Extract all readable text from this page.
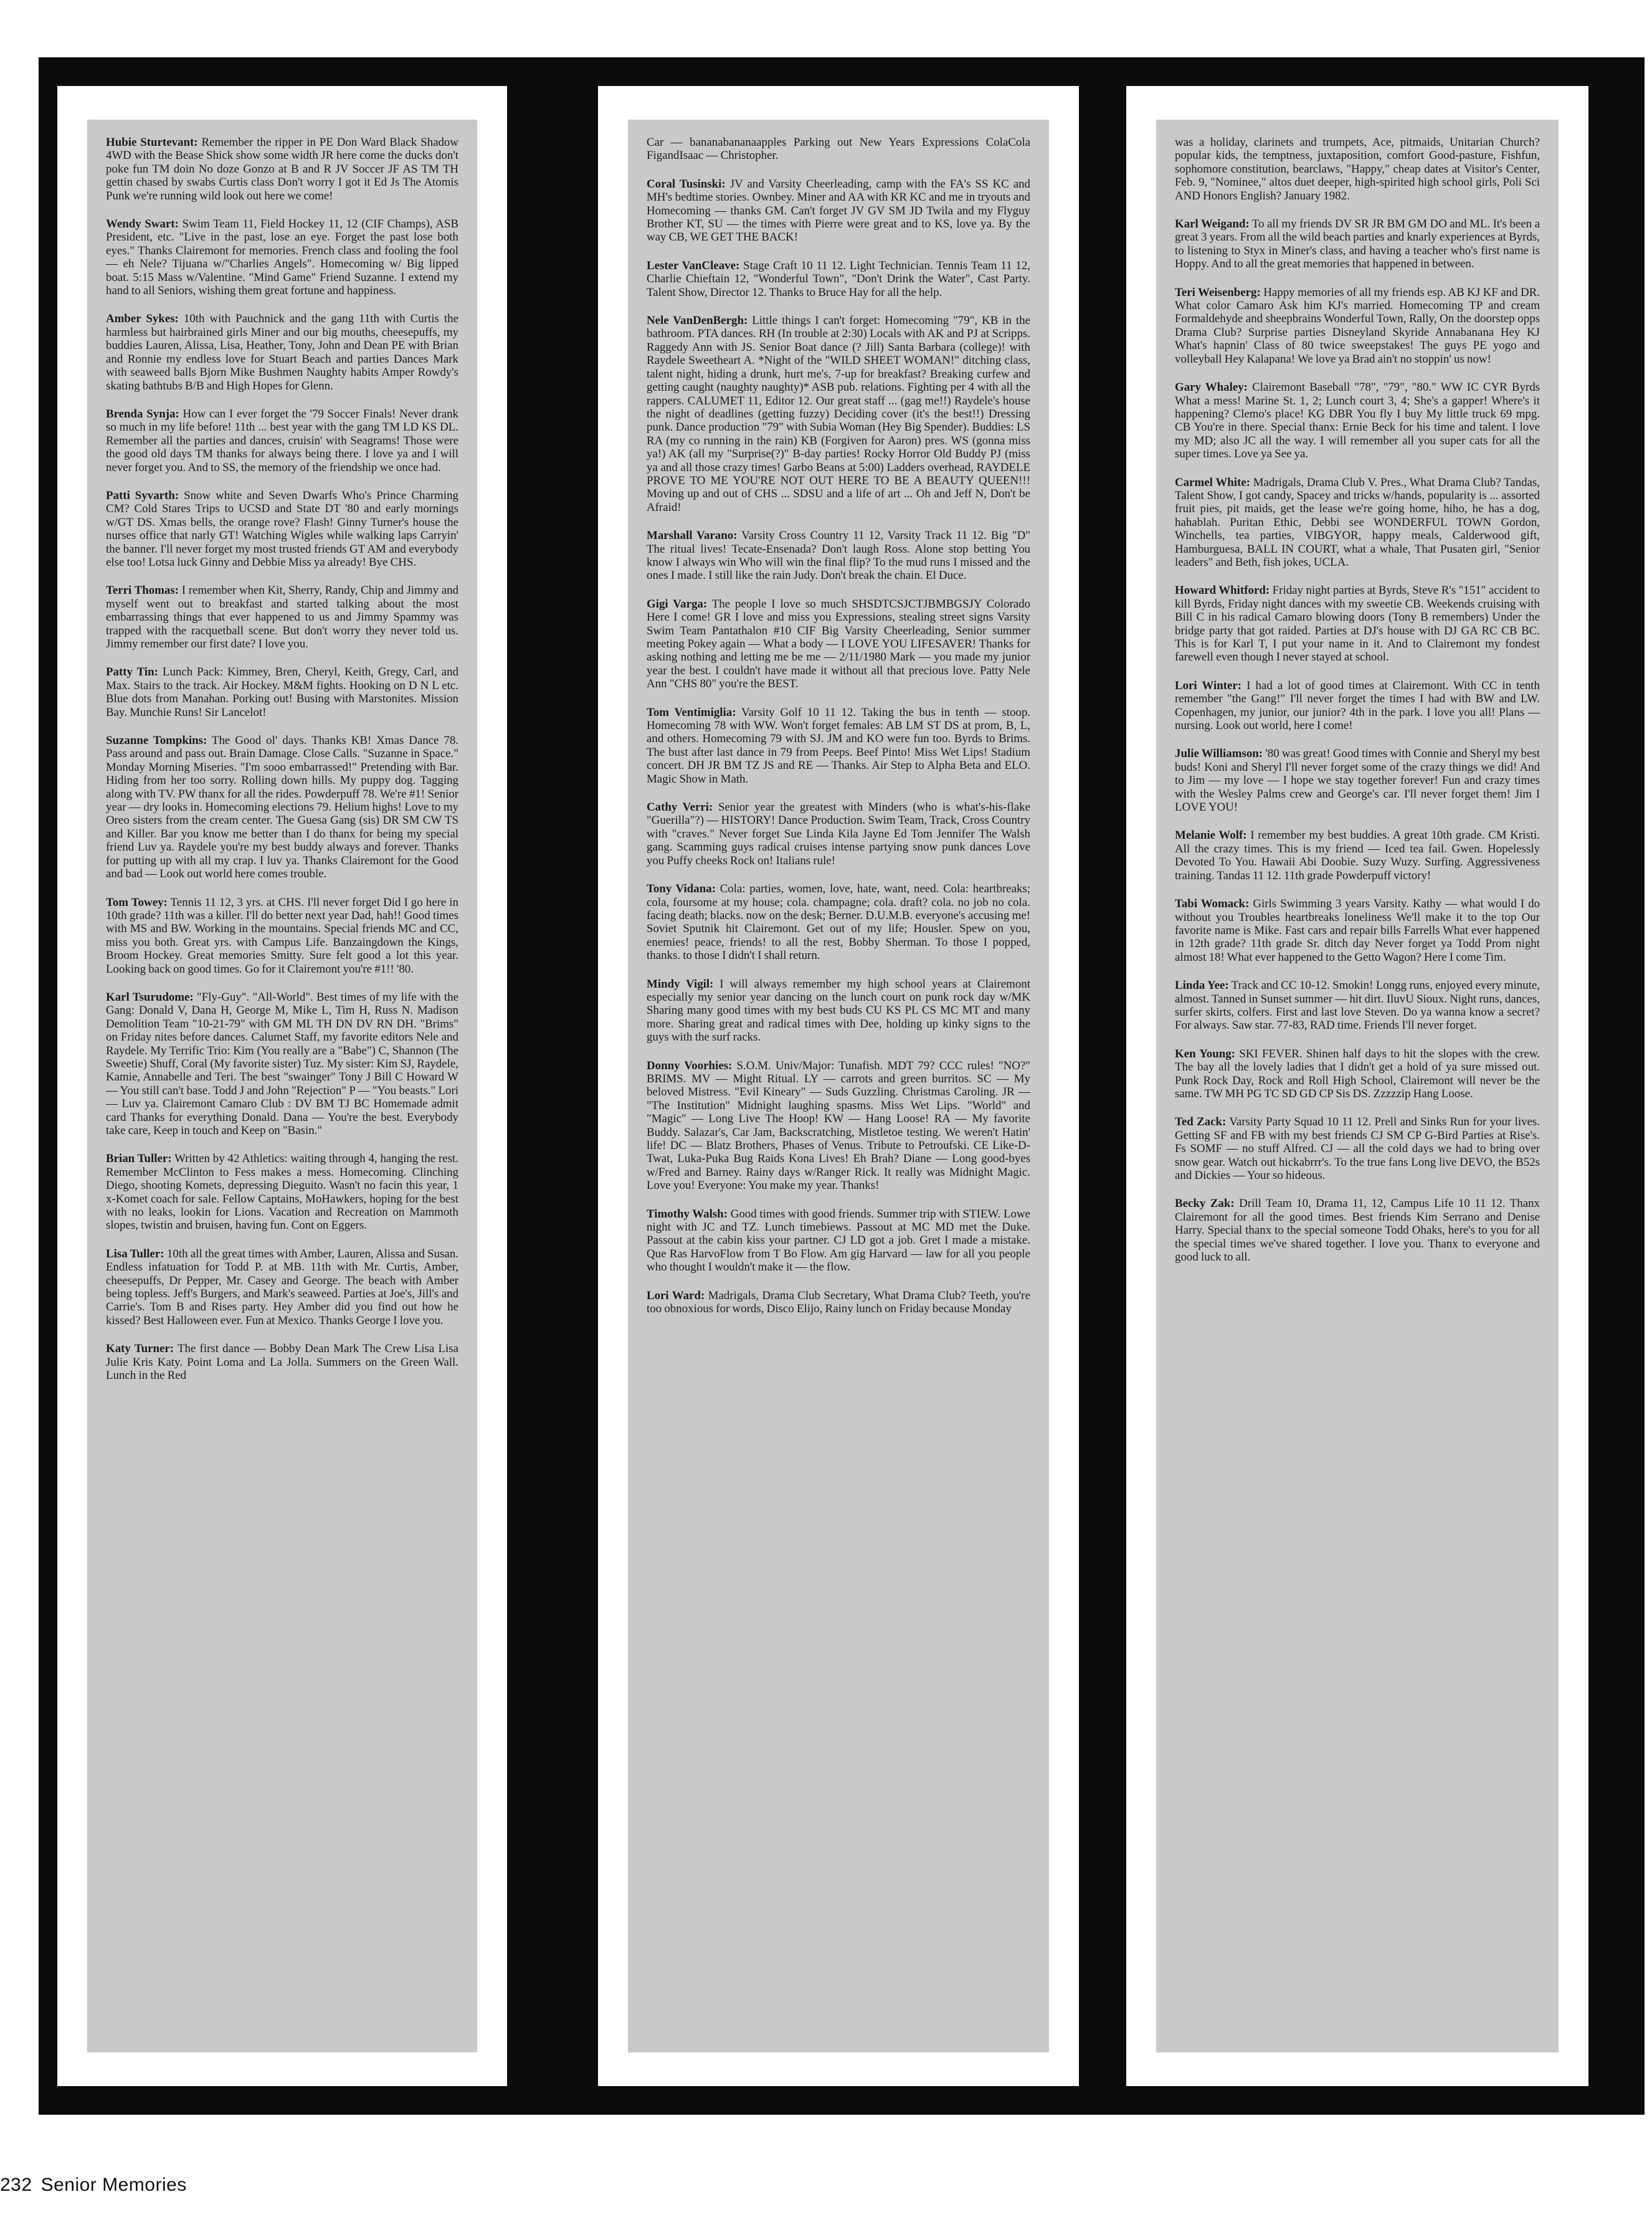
Hubie Sturtevant: Remember the ripper in PE Don Ward Black Shadow 4WD with the Bease Shick show some width JR here come the ducks don't poke fun TM doin No doze Gonzo at B and R JV Soccer JF AS TM TH gettin chased by swabs Curtis class Don't worry I got it Ed Js The Atomis Punk we're running wild look out here we come!

Wendy Swart: Swim Team 11, Field Hockey 11, 12 (CIF Champs), ASB President, etc. "Live in the past, lose an eye. Forget the past lose both eyes." Thanks Clairemont for memories. French class and fooling the fool — eh Nele? Tijuana w/"Charlies Angels". Homecoming w/ Big lipped boat. 5:15 Mass w/Valentine. "Mind Game" Friend Suzanne. I extend my hand to all Seniors, wishing them great fortune and happiness.

Amber Sykes: 10th with Pauchnick and the gang 11th with Curtis the harmless but hairbrained girls Miner and our big mouths, cheesepuffs, my buddies Lauren, Alissa, Lisa, Heather, Tony, John and Dean PE with Brian and Ronnie my endless love for Stuart Beach and parties Dances Mark with seaweed balls Bjorn Mike Bushmen Naughty habits Amper Rowdy's skating bathtubs B/B and High Hopes for Glenn.

Brenda Synja: How can I ever forget the '79 Soccer Finals! Never drank so much in my life before! 11th ... best year with the gang TM LD KS DL. Remember all the parties and dances, cruisin' with Seagrams! Those were the good old days TM thanks for always being there. I love ya and I will never forget you. And to SS, the memory of the friendship we once had.

Patti Syvarth: Snow white and Seven Dwarfs Who's Prince Charming CM? Cold Stares Trips to UCSD and State DT '80 and early mornings w/GT DS. Xmas bells, the orange rove? Flash! Ginny Turner's house the nurses office that narly GT! Watching Wigles while walking laps Carryin' the banner. I'll never forget my most trusted friends GT AM and everybody else too! Lotsa luck Ginny and Debbie Miss ya already! Bye CHS.

Terri Thomas: I remember when Kit, Sherry, Randy, Chip and Jimmy and myself went out to breakfast and started talking about the most embarrassing things that ever happened to us and Jimmy Spammy was trapped with the racquetball scene. But don't worry they never told us. Jimmy remember our first date? I love you.

Patty Tin: Lunch Pack: Kimmey, Bren, Cheryl, Keith, Gregy, Carl, and Max. Stairs to the track. Air Hockey. M&M fights. Hooking on D N L etc. Blue dots from Manahan. Porking out! Busing with Marstonites. Mission Bay. Munchie Runs! Sir Lancelot!

Suzanne Tompkins: The Good ol' days. Thanks KB! Xmas Dance 78. Pass around and pass out. Brain Damage. Close Calls. "Suzanne in Space." Monday Morning Miseries. "I'm sooo embarrassed!" Pretending with Bar. Hiding from her too sorry. Rolling down hills. My puppy dog. Tagging along with TV. PW thanx for all the rides. Powderpuff 78. We're #1! Senior year — dry looks in. Homecoming elections 79. Helium highs! Love to my Oreo sisters from the cream center. The Guesa Gang (sis) DR SM CW TS and Killer. Bar you know me better than I do thanx for being my special friend Luv ya. Raydele you're my best buddy always and forever. Thanks for putting up with all my crap. I luv ya. Thanks Clairemont for the Good and bad — Look out world here comes trouble.

Tom Towey: Tennis 11 12, 3 yrs. at CHS. I'll never forget Did I go here in 10th grade? 11th was a killer. I'll do better next year Dad, hah!! Good times with MS and BW. Working in the mountains. Special friends MC and CC, miss you both. Great yrs. with Campus Life. Banzaingdown the Kings, Broom Hockey. Great memories Smitty. Sure felt good a lot this year. Looking back on good times. Go for it Clairemont you're #1!! '80.

Karl Tsurudome: "Fly-Guy". "All-World". Best times of my life with the Gang: Donald V, Dana H, George M, Mike L, Tim H, Russ N. Madison Demolition Team "10-21-79" with GM ML TH DN DV RN DH. "Brims" on Friday nites before dances. Calumet Staff, my favorite editors Nele and Raydele. My Terrific Trio: Kim (You really are a "Babe") C, Shannon (The Sweetie) Shuff, Coral (My favorite sister) Tuz. My sister: Kim SJ, Raydele, Kamie, Annabelle and Teri. The best "swainger" Tony J Bill C Howard W — You still can't base. Todd J and John "Rejection" P — "You beasts." Lori — Luv ya. Clairemont Camaro Club : DV BM TJ BC Homemade admit card Thanks for everything Donald. Dana — You're the best. Everybody take care, Keep in touch and Keep on "Basin."

Brian Tuller: Written by 42 Athletics: waiting through 4, hanging the rest. Remember McClinton to Fess makes a mess. Homecoming. Clinching Diego, shooting Komets, depressing Dieguito. Wasn't no facin this year, 1 x-Komet coach for sale. Fellow Captains, MoHawkers, hoping for the best with no leaks, lookin for Lions. Vacation and Recreation on Mammoth slopes, twistin and bruisen, having fun. Cont on Eggers.

Lisa Tuller: 10th all the great times with Amber, Lauren, Alissa and Susan. Endless infatuation for Todd P. at MB. 11th with Mr. Curtis, Amber, cheesepuffs, Dr Pepper, Mr. Casey and George. The beach with Amber being topless. Jeff's Burgers, and Mark's seaweed. Parties at Joe's, Jill's and Carrie's. Tom B and Rises party. Hey Amber did you find out how he kissed? Best Halloween ever. Fun at Mexico. Thanks George I love you.

Katy Turner: The first dance — Bobby Dean Mark The Crew Lisa Lisa Julie Kris Katy. Point Loma and La Jolla. Summers on the Green Wall. Lunch in the Red

Car — bananabananaapples Parking out New Years Expressions ColaCola FigandIsaac — Christopher.

Coral Tusinski: JV and Varsity Cheerleading, camp with the FA's SS KC and MH's bedtime stories. Ownbey. Miner and AA with KR KC and me in tryouts and Homecoming — thanks GM. Can't forget JV GV SM JD Twila and my Flyguy Brother KT, SU — the times with Pierre were great and to KS, love ya. By the way CB, WE GET THE BACK!

Lester VanCleave: Stage Craft 10 11 12. Light Technician. Tennis Team 11 12, Charlie Chieftain 12, "Wonderful Town", "Don't Drink the Water", Cast Party. Talent Show, Director 12. Thanks to Bruce Hay for all the help.

Nele VanDenBergh: Little things I can't forget: Homecoming "79", KB in the bathroom. PTA dances. RH (In trouble at 2:30) Locals with AK and PJ at Scripps. Raggedy Ann with JS. Senior Boat dance (? Jill) Santa Barbara (college)! with Raydele Sweetheart A. *Night of the "WILD SHEET WOMAN!" ditching class, talent night, hiding a drunk, hurt me's, 7-up for breakfast? Breaking curfew and getting caught (naughty naughty)* ASB pub. relations. Fighting per 4 with all the rappers. CALUMET 11, Editor 12. Our great staff ... (gag me!!) Raydele's house the night of deadlines (getting fuzzy) Deciding cover (it's the best!!) Dressing punk. Dance production "79" with Subia Woman (Hey Big Spender). Buddies: LS RA (my co running in the rain) KB (Forgiven for Aaron) pres. WS (gonna miss ya!) AK (all my "Surprise(?)" B-day parties! Rocky Horror Old Buddy PJ (miss ya and all those crazy times! Garbo Beans at 5:00) Ladders overhead, RAYDELE PROVE TO ME YOU'RE NOT OUT HERE TO BE A BEAUTY QUEEN!!! Moving up and out of CHS ... SDSU and a life of art ... Oh and Jeff N, Don't be Afraid!

Marshall Varano: Varsity Cross Country 11 12, Varsity Track 11 12. Big "D" The ritual lives! Tecate-Ensenada? Don't laugh Ross. Alone stop betting You know I always win Who will win the final flip? To the mud runs I missed and the ones I made. I still like the rain Judy. Don't break the chain. El Duce.

Gigi Varga: The people I love so much SHSDTCSJCTJBMBGSJY Colorado Here I come! GR I love and miss you Expressions, stealing street signs Varsity Swim Team Pantathalon #10 CIF Big Varsity Cheerleading, Senior summer meeting Pokey again — What a body — I LOVE YOU LIFESAVER! Thanks for asking nothing and letting me be me — 2/11/1980 Mark — you made my junior year the best. I couldn't have made it without all that precious love. Patty Nele Ann "CHS 80" you're the BEST.

Tom Ventimiglia: Varsity Golf 10 11 12. Taking the bus in tenth — stoop. Homecoming 78 with WW. Won't forget females: AB LM ST DS at prom, B, L, and others. Homecoming 79 with SJ. JM and KO were fun too. Byrds to Brims. The bust after last dance in 79 from Peeps. Beef Pinto! Miss Wet Lips! Stadium concert. DH JR BM TZ JS and RE — Thanks. Air Step to Alpha Beta and ELO. Magic Show in Math.

Cathy Verri: Senior year the greatest with Minders (who is what's-his-flake "Guerilla"?) — HISTORY! Dance Production. Swim Team, Track, Cross Country with "craves." Never forget Sue Linda Kila Jayne Ed Tom Jennifer The Walsh gang. Scamming guys radical cruises intense partying snow punk dances Love you Puffy cheeks Rock on! Italians rule!

Tony Vidana: Cola: parties, women, love, hate, want, need. Cola: heartbreaks; cola, foursome at my house; cola. champagne; cola. draft? cola. no job no cola. facing death; blacks. now on the desk; Berner. D.U.M.B. everyone's accusing me! Soviet Sputnik hit Clairemont. Get out of my life; Housler. Spew on you, enemies! peace, friends! to all the rest, Bobby Sherman. To those I popped, thanks. to those I didn't I shall return.

Mindy Vigil: I will always remember my high school years at Clairemont especially my senior year dancing on the lunch court on punk rock day w/MK Sharing many good times with my best buds CU KS PL CS MC MT and many more. Sharing great and radical times with Dee, holding up kinky signs to the guys with the surf racks.

Donny Voorhies: S.O.M. Univ/Major: Tunafish. MDT 79? CCC rules! "NO?" BRIMS. MV — Might Ritual. LY — carrots and green burritos. SC — My beloved Mistress. "Evil Kineary" — Suds Guzzling. Christmas Caroling. JR — "The Institution" Midnight laughing spasms. Miss Wet Lips. "World" and "Magic" — Long Live The Hoop! KW — Hang Loose! RA — My favorite Buddy. Salazar's, Car Jam, Backscratching, Mistletoe testing. We weren't Hatin' life! DC — Blatz Brothers, Phases of Venus. Tribute to Petroufski. CE Like-D-Twat, Luka-Puka Bug Raids Kona Lives! Eh Brah? Diane — Long good-byes w/Fred and Barney. Rainy days w/Ranger Rick. It really was Midnight Magic. Love you! Everyone: You make my year. Thanks!

Timothy Walsh: Good times with good friends. Summer trip with STIEW. Lowe night with JC and TZ. Lunch timebiews. Passout at MC MD met the Duke. Passout at the cabin kiss your partner. CJ LD got a job. Gret I made a mistake. Que Ras HarvoFlow from T Bo Flow. Am gig Harvard — law for all you people who thought I wouldn't make it — the flow.

Lori Ward: Madrigals, Drama Club Secretary, What Drama Club? Teeth, you're too obnoxious for words, Disco Elijo, Rainy lunch on Friday because Monday

was a holiday, clarinets and trumpets, Ace, pitmaids, Unitarian Church? popular kids, the temptness, juxtaposition, comfort Good-pasture, Fishfun, sophomore constitution, bearclaws, "Happy," cheap dates at Visitor's Center, Feb. 9, "Nominee," altos duet deeper, high-spirited high school girls, Poli Sci AND Honors English? January 1982.

Karl Weigand: To all my friends DV SR JR BM GM DO and ML. It's been a great 3 years. From all the wild beach parties and knarly experiences at Byrds, to listening to Styx in Miner's class, and having a teacher who's first name is Hoppy. And to all the great memories that happened in between.

Teri Weisenberg: Happy memories of all my friends esp. AB KJ KF and DR. What color Camaro Ask him KJ's married. Homecoming TP and cream Formaldehyde and sheepbrains Wonderful Town, Rally, On the doorstep opps Drama Club? Surprise parties Disneyland Skyride Annabanana Hey KJ What's hapnin' Class of 80 twice sweepstakes! The guys PE yogo and volleyball Hey Kalapana! We love ya Brad ain't no stoppin' us now!

Gary Whaley: Clairemont Baseball "78", "79", "80." WW IC CYR Byrds What a mess! Marine St. 1, 2; Lunch court 3, 4; She's a gapper! Where's it happening? Clemo's place! KG DBR You fly I buy My little truck 69 mpg. CB You're in there. Special thanx: Ernie Beck for his time and talent. I love my MD; also JC all the way. I will remember all you super cats for all the super times. Love ya See ya.

Carmel White: Madrigals, Drama Club V. Pres., What Drama Club? Tandas, Talent Show, I got candy, Spacey and tricks w/hands, popularity is ... assorted fruit pies, pit maids, get the lease we're going home, hiho, he has a dog, hahablah. Puritan Ethic, Debbi see WONDERFUL TOWN Gordon, Winchells, tea parties, VIBGYOR, happy meals, Calderwood gift, Hamburguesa, BALL IN COURT, what a whale, That Pusaten girl, "Senior leaders" and Beth, fish jokes, UCLA.

Howard Whitford: Friday night parties at Byrds, Steve R's "151" accident to kill Byrds, Friday night dances with my sweetie CB. Weekends cruising with Bill C in his radical Camaro blowing doors (Tony B remembers) Under the bridge party that got raided. Parties at DJ's house with DJ GA RC CB BC. This is for Karl T, I put your name in it. And to Clairemont my fondest farewell even though I never stayed at school.

Lori Winter: I had a lot of good times at Clairemont. With CC in tenth remember "the Gang!" I'll never forget the times I had with BW and LW. Copenhagen, my junior, our junior? 4th in the park. I love you all! Plans — nursing. Look out world, here I come!

Julie Williamson: '80 was great! Good times with Connie and Sheryl my best buds! Koni and Sheryl I'll never forget some of the crazy things we did! And to Jim — my love — I hope we stay together forever! Fun and crazy times with the Wesley Palms crew and George's car. I'll never forget them! Jim I LOVE YOU!

Melanie Wolf: I remember my best buddies. A great 10th grade. CM Kristi. All the crazy times. This is my friend — Iced tea fail. Gwen. Hopelessly Devoted To You. Hawaii Abi Doobie. Suzy Wuzy. Surfing. Aggressiveness training. Tandas 11 12. 11th grade Powderpuff victory!

Tabi Womack: Girls Swimming 3 years Varsity. Kathy — what would I do without you Troubles heartbreaks loneliness We'll make it to the top Our favorite name is Mike. Fast cars and repair bills Farrells What ever happened in 12th grade? 11th grade Sr. ditch day Never forget ya Todd Prom night almost 18! What ever happened to the Getto Wagon? Here I come Tim.

Linda Yee: Track and CC 10-12. Smokin! Longg runs, enjoyed every minute, almost. Tanned in Sunset summer — hit dirt. IluvU Sioux. Night runs, dances, surfer skirts, colfers. First and last love Steven. Do ya wanna know a secret? For always. Saw star. 77-83, RAD time. Friends I'll never forget.

Ken Young: SKI FEVER. Shinen half days to hit the slopes with the crew. The bay all the lovely ladies that I didn't get a hold of ya sure missed out. Punk Rock Day, Rock and Roll High School, Clairemont will never be the same. TW MH PG TC SD GD CP Sis DS. Zzzzzip Hang Loose.

Ted Zack: Varsity Party Squad 10 11 12. Prell and Sinks Run for your lives. Getting SF and FB with my best friends CJ SM CP G-Bird Parties at Rise's. Fs SOMF — no stuff Alfred. CJ — all the cold days we had to bring over snow gear. Watch out hickabrrr's. To the true fans Long live DEVO, the B52s and Dickies — Your so hideous.

Becky Zak: Drill Team 10, Drama 11, 12, Campus Life 10 11 12. Thanx Clairemont for all the good times. Best friends Kim Serrano and Denise Harry. Special thanx to the special someone Todd Ohaks, here's to you for all the special times we've shared together. I love you. Thanx to everyone and good luck to all.

232 Senior Memories
